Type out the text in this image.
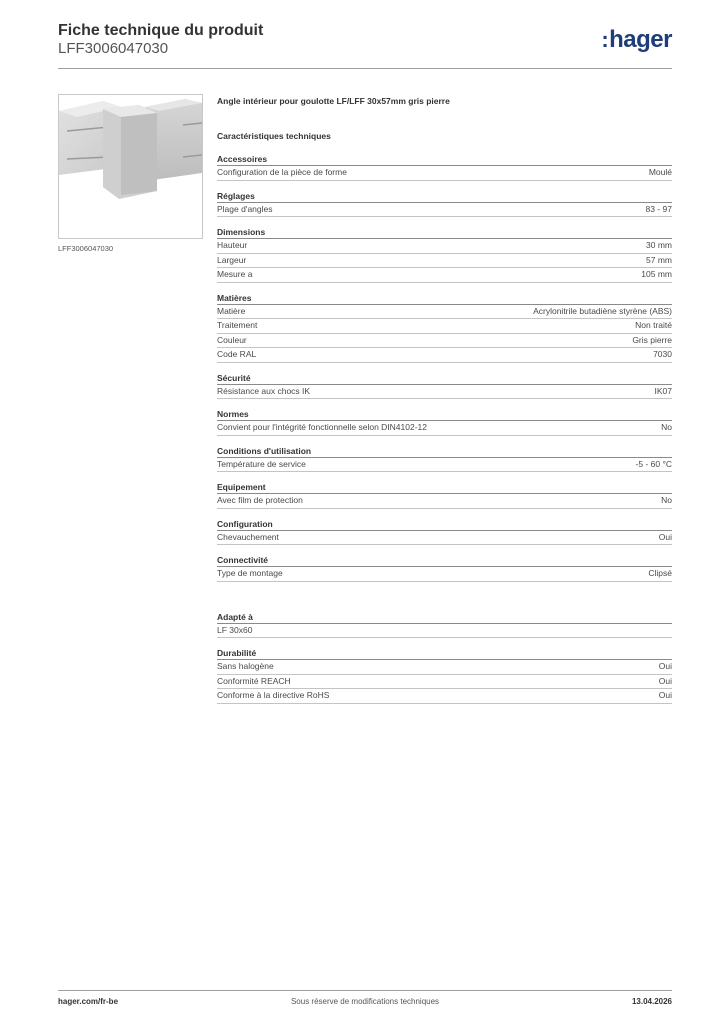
Fiche technique du produit
LFF3006047030	:hager
LFF3006047030
Angle intérieur pour goulotte LF/LFF 30x57mm gris pierre
Caractéristiques techniques
Accessoires
Configuration de la pièce de forme	Moulé
Réglages
Plage d'angles	83 - 97
Dimensions
Hauteur	30 mm
Largeur	57 mm
Mesure a	105 mm
Matières
Matière	Acrylonitrile butadiène styrène (ABS)
Traitement	Non traité
Couleur	Gris pierre
Code RAL	7030
Sécurité
Résistance aux chocs IK	IK07
Normes
Convient pour l'intégrité fonctionnelle selon DIN4102-12	No
Conditions d'utilisation
Température de service	-5 - 60 °C
Equipement
Avec film de protection	No
Configuration
Chevauchement	Oui
Connectivité
Type de montage	Clipsé
Adapté à
LF 30x60
Durabilité
Sans halogène	Oui
Conformité REACH	Oui
Conforme à la directive RoHS	Oui
hager.com/fr-be	Sous réserve de modifications techniques	13.04.2026
